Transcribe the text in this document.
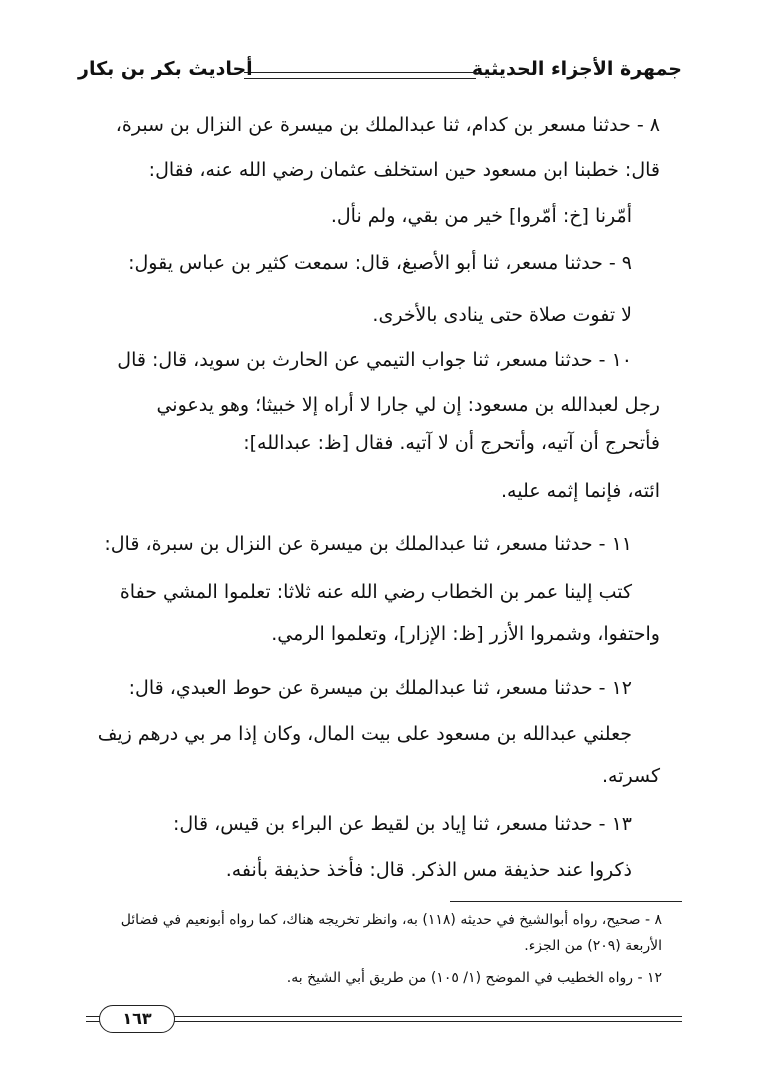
جمهرة الأجزاء الحديثية
أحاديث بكر بن بكار
٨ - حدثنا مسعر بن كدام، ثنا عبدالملك بن ميسرة عن النزال بن سبرة،
قال: خطبنا ابن مسعود حين استخلف عثمان رضي الله عنه، فقال:
أمّرنا [خ: أمّروا] خير من بقي، ولم نأل.
٩ - حدثنا مسعر، ثنا أبو الأصبغ، قال: سمعت كثير بن عباس يقول:
لا تفوت صلاة حتى ينادى بالأخرى.
١٠ - حدثنا مسعر، ثنا جواب التيمي عن الحارث بن سويد، قال: قال
رجل لعبدالله بن مسعود: إن لي جارا لا أراه إلا خبيثا؛ وهو يدعوني
فأتحرج أن آتيه، وأتحرج أن لا آتيه. فقال [ظ: عبدالله]:
ائته، فإنما إثمه عليه.
١١ - حدثنا مسعر، ثنا عبدالملك بن ميسرة عن النزال بن سبرة، قال:
كتب إلينا عمر بن الخطاب رضي الله عنه ثلاثا: تعلموا المشي حفاة
واحتفوا، وشمروا الأزر [ظ: الإزار]، وتعلموا الرمي.
١٢ - حدثنا مسعر، ثنا عبدالملك بن ميسرة عن حوط العبدي، قال:
جعلني عبدالله بن مسعود على بيت المال، وكان إذا مر بي درهم زيف
كسرته.
١٣ - حدثنا مسعر، ثنا إياد بن لقيط عن البراء بن قيس، قال:
ذكروا عند حذيفة مس الذكر. قال: فأخذ حذيفة بأنفه.
٨ - صحيح، رواه أبوالشيخ في حديثه (١١٨) به، وانظر تخريجه هناك، كما رواه أبونعيم في فضائل
الأربعة (٢٠٩) من الجزء.
١٢ - رواه الخطيب في الموضح (١/ ١٠٥) من طريق أبي الشيخ به.
١٦٣
